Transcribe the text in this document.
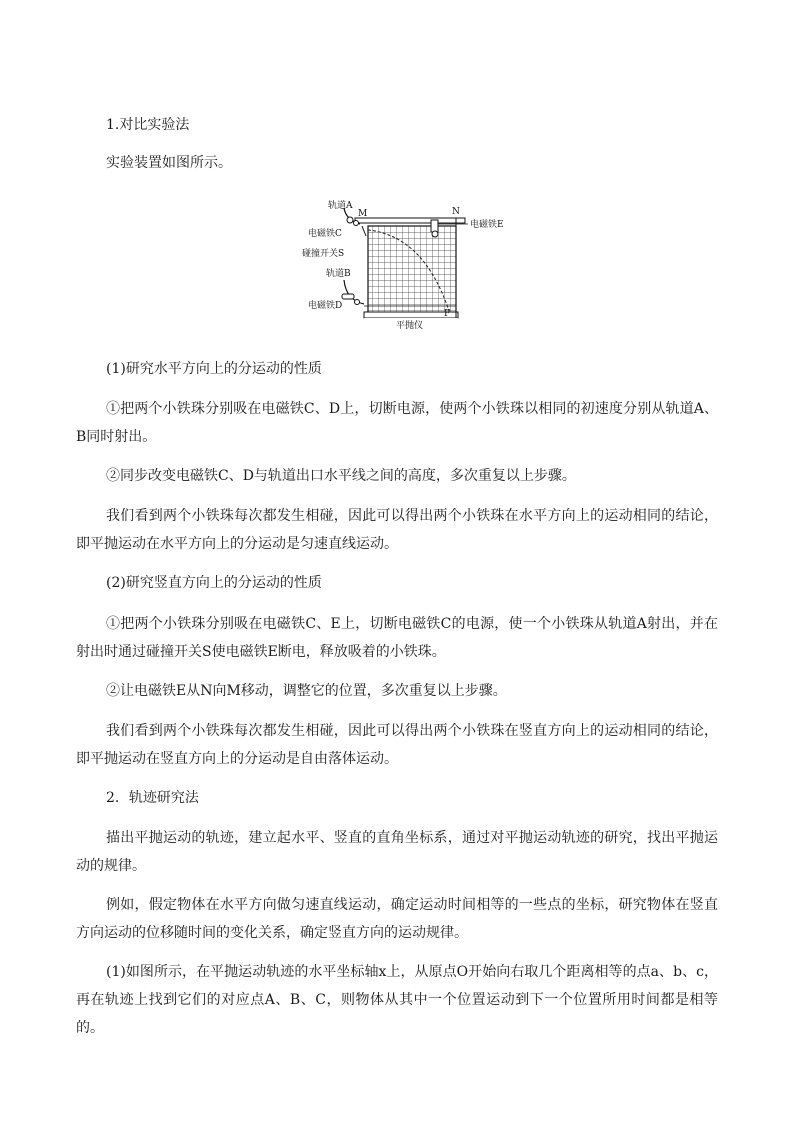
1.对比实验法

实验装置如图所示。

轨道A
M	N
电磁铁E
电磁铁C
碰撞开关S
轨道B
电磁铁D
F
平抛仪

(1)研究水平方向上的分运动的性质

①把两个小铁珠分别吸在电磁铁C、D上，切断电源，使两个小铁珠以相同的初速度分别从轨道A、B同时射出。

②同步改变电磁铁C、D与轨道出口水平线之间的高度，多次重复以上步骤。

我们看到两个小铁珠每次都发生相碰，因此可以得出两个小铁珠在水平方向上的运动相同的结论，即平抛运动在水平方向上的分运动是匀速直线运动。

(2)研究竖直方向上的分运动的性质

①把两个小铁珠分别吸在电磁铁C、E上，切断电磁铁C的电源，使一个小铁珠从轨道A射出，并在射出时通过碰撞开关S使电磁铁E断电，释放吸着的小铁珠。

②让电磁铁E从N向M移动，调整它的位置，多次重复以上步骤。

我们看到两个小铁珠每次都发生相碰，因此可以得出两个小铁珠在竖直方向上的运动相同的结论，即平抛运动在竖直方向上的分运动是自由落体运动。

2．轨迹研究法

描出平抛运动的轨迹，建立起水平、竖直的直角坐标系，通过对平抛运动轨迹的研究，找出平抛运动的规律。

例如，假定物体在水平方向做匀速直线运动，确定运动时间相等的一些点的坐标，研究物体在竖直方向运动的位移随时间的变化关系，确定竖直方向的运动规律。

(1)如图所示，在平抛运动轨迹的水平坐标轴x上，从原点O开始向右取几个距离相等的点a、b、c，再在轨迹上找到它们的对应点A、B、C，则物体从其中一个位置运动到下一个位置所用时间都是相等的。
